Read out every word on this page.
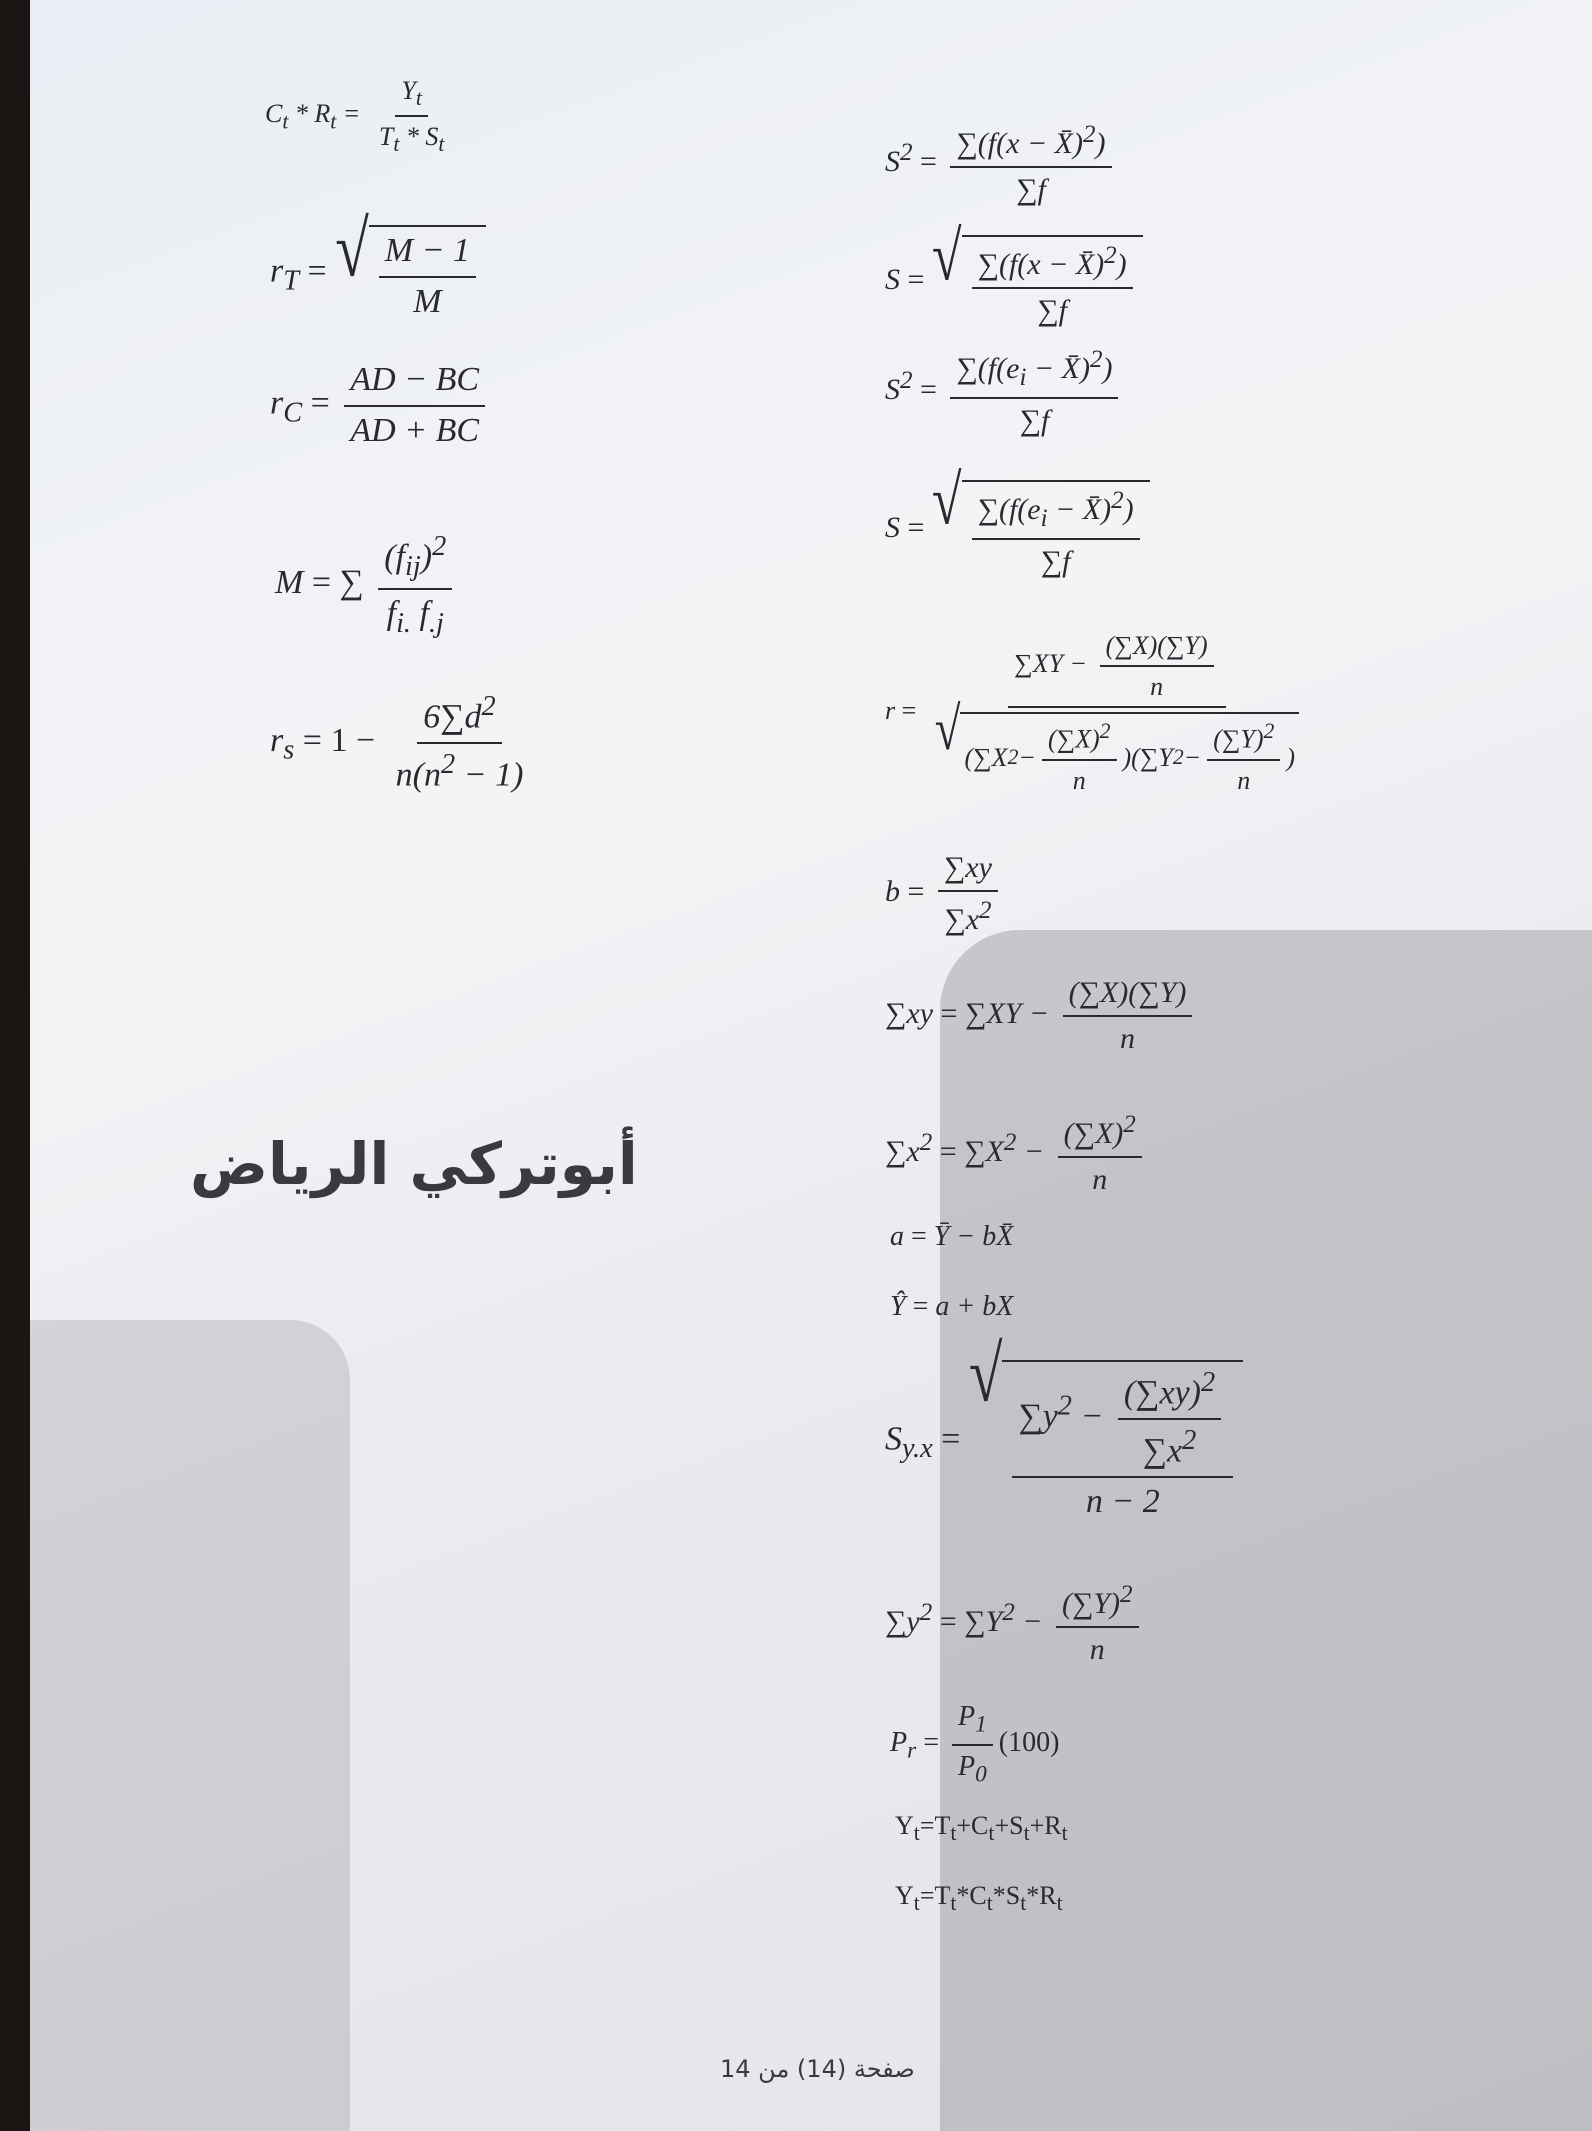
$C_t * R_t = \frac{Y_t}{T_t * S_t}$
$r_T$ = √ $\frac{M - 1}{M}$
$r_C = \frac{AD - BC}{AD + BC}$
M = ∑ $\frac{(f_{ij})^2}{f_{i.} f_{.j}}$
$r_s = 1 - \frac{6\sum d^2}{n(n^2 - 1)}$
أبوتركي الرياض
$S^2 = \frac{\sum(f(x - X̄)^2)}{\sum f}$
S = √ $\frac{\sum(f(x - X̄)^2)}{\sum f}$
$S^2 = \frac{\sum(f(e_i - X̄)^2)}{\sum f}$
S = √ $\frac{\sum(f(e_i - X̄)^2)}{\sum f}$
$r = \frac{\sum XY - \frac{(\sum X)(\sum Y)}{n}}{√ (\sum X 2 - \frac{(\sum X)^2}{n} )(\sum Y 2 - \frac{(\sum Y)^2}{n} )}$
$b = \frac{\sum xy}{\sum x^2}$
$\sum xy = \sum XY - \frac{(\sum X)(\sum Y)}{n}$
$\sum x^2 = \sum X^2 - \frac{(\sum X)^2}{n}$
a = Ȳ − bX̄
Ŷ = a + bX
$S_{y.x}$ =
√ $\frac{\sum y^2 - \frac{(\sum xy)^2}{\sum x^2}}{n - 2}$
$\sum y^2 = \sum Y^2 - \frac{(\sum Y)^2}{n}$
$P_r = \frac{P_1}{P_0} (100)$
$Y_t=T_t+C_t+S_t+R_t$
$Y_t=T_t*C_t*S_t*R_t$
صفحة (14) من 14
